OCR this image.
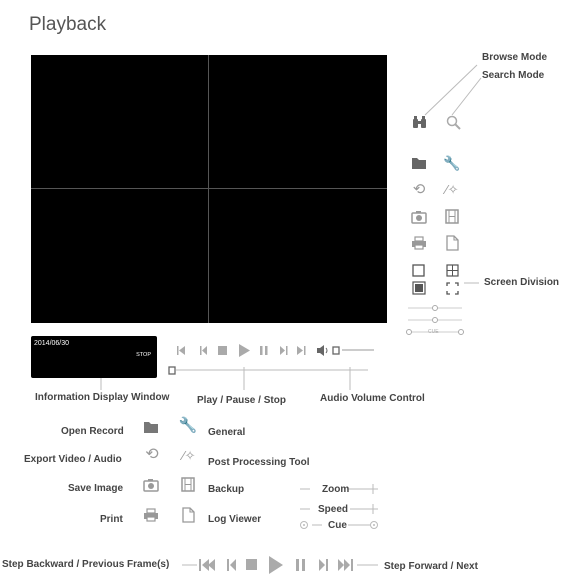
Playback
Browse Mode
Search Mode
Screen Division
🔧
⟲ ⁄✧
CUE
2014/06/30
STOP
Information Display Window	Play / Pause / Stop	Audio Volume Control
Open Record	🔧 General
Export Video / Audio ⟲ ⁄✧ Post Processing Tool
Save Image	Backup
Print	Log Viewer
Zoom
Speed
Cue
Step Backward / Previous Frame(s)	Step Forward / Next
